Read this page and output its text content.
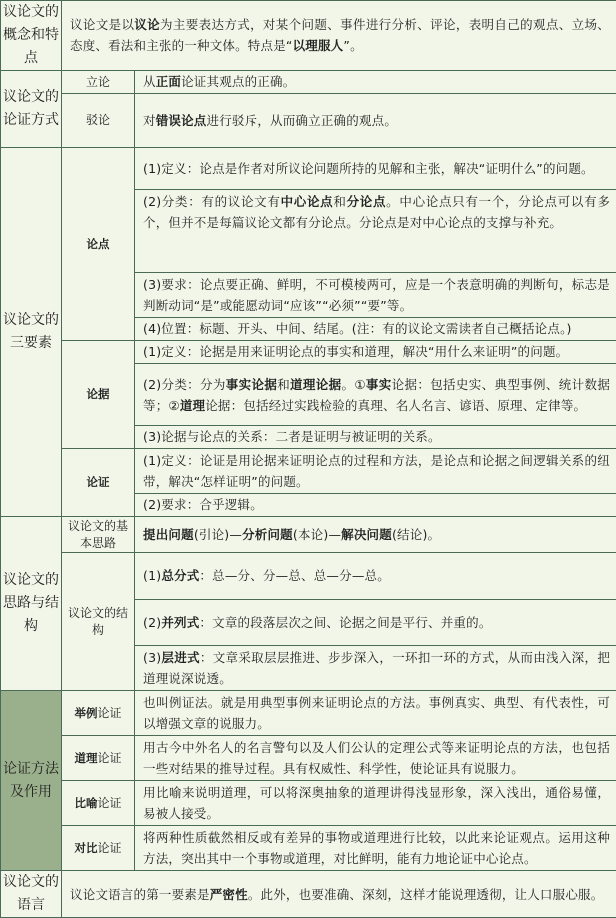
议论文的概念和特点	议论文是以议论为主要表达方式，对某个问题、事件进行分析、评论，表明自己的观点、立场、态度、看法和主张的一种文体。特点是“以理服人”。	
议论文的论证方式	立论	从正面论证其观点的正确。
	驳论	对错误论点进行驳斥，从而确立正确的观点。
议论文的三要素	论点	(1)定义：论点是作者对所议论问题所持的见解和主张，解决“证明什么”的问题。
		(2)分类：有的议论文有中心论点和分论点。中心论点只有一个，分论点可以有多个，但并不是每篇议论文都有分论点。分论点是对中心论点的支撑与补充。
		(3)要求：论点要正确、鲜明，不可模棱两可，应是一个表意明确的判断句，标志是判断动词“是”或能愿动词“应该”“必须”“要”等。
		(4)位置：标题、开头、中间、结尾。(注：有的议论文需读者自己概括论点。)
	论据	(1)定义：论据是用来证明论点的事实和道理，解决“用什么来证明”的问题。
		(2)分类：分为事实论据和道理论据。①事实论据：包括史实、典型事例、统计数据等；②道理论据：包括经过实践检验的真理、名人名言、谚语、原理、定律等。
		(3)论据与论点的关系：二者是证明与被证明的关系。
	论证	(1)定义：论证是用论据来证明论点的过程和方法，是论点和论据之间逻辑关系的纽带，解决“怎样证明”的问题。
		(2)要求：合乎逻辑。
议论文的思路与结构	议论文的基本思路	提出问题(引论)—分析问题(本论)—解决问题(结论)。
	议论文的结构	(1)总分式：总—分、分—总、总—分—总。
		(2)并列式：文章的段落层次之间、论据之间是平行、并重的。
		(3)层进式：文章采取层层推进、步步深入，一环扣一环的方式，从而由浅入深，把道理说深说透。
论证方法及作用	举例论证	也叫例证法。就是用典型事例来证明论点的方法。事例真实、典型、有代表性，可以增强文章的说服力。
	道理论证	用古今中外名人的名言警句以及人们公认的定理公式等来证明论点的方法，也包括一些对结果的推导过程。具有权威性、科学性，使论证具有说服力。
	比喻论证	用比喻来说明道理，可以将深奥抽象的道理讲得浅显形象，深入浅出，通俗易懂，易被人接受。
	对比论证	将两种性质截然相反或有差异的事物或道理进行比较，以此来论证观点。运用这种方法，突出其中一个事物或道理，对比鲜明，能有力地论证中心论点。
议论文的语言	议论文语言的第一要素是严密性。此外，也要准确、深刻，这样才能说理透彻，让人口服心服。	
